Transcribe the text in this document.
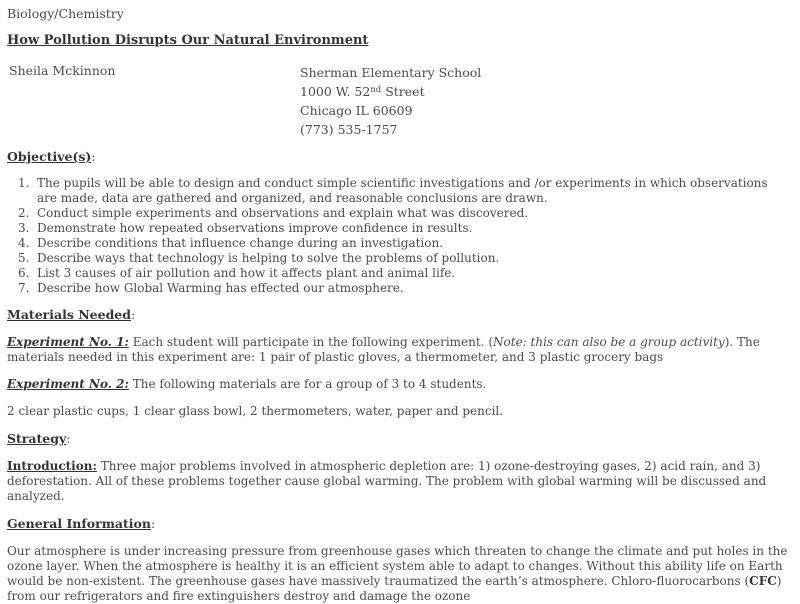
Biology/Chemistry
How Pollution Disrupts Our Natural Environment
Sheila Mckinnon	Sherman Elementary School
1000 W. 52nd Street
Chicago IL 60609
(773) 535-1757
Objective(s):
1. The pupils will be able to design and conduct simple scientific investigations and /or experiments in which observations are made, data are gathered and organized, and reasonable conclusions are drawn.
2. Conduct simple experiments and observations and explain what was discovered.
3. Demonstrate how repeated observations improve confidence in results.
4. Describe conditions that influence change during an investigation.
5. Describe ways that technology is helping to solve the problems of pollution.
6. List 3 causes of air pollution and how it affects plant and animal life.
7. Describe how Global Warming has effected our atmosphere.
Materials Needed:
Experiment No. 1: Each student will participate in the following experiment. (Note: this can also be a group activity). The materials needed in this experiment are: 1 pair of plastic gloves, a thermometer, and 3 plastic grocery bags
Experiment No. 2: The following materials are for a group of 3 to 4 students.
2 clear plastic cups, 1 clear glass bowl, 2 thermometers, water, paper and pencil.
Strategy:
Introduction: Three major problems involved in atmospheric depletion are: 1) ozone-destroying gases, 2) acid rain, and 3) deforestation. All of these problems together cause global warming. The problem with global warming will be discussed and analyzed.
General Information:
Our atmosphere is under increasing pressure from greenhouse gases which threaten to change the climate and put holes in the ozone layer. When the atmosphere is healthy it is an efficient system able to adapt to changes. Without this ability life on Earth would be non-existent. The greenhouse gases have massively traumatized the earth’s atmosphere. Chloro-fluorocarbons (CFC) from our refrigerators and fire extinguishers destroy and damage the ozone
